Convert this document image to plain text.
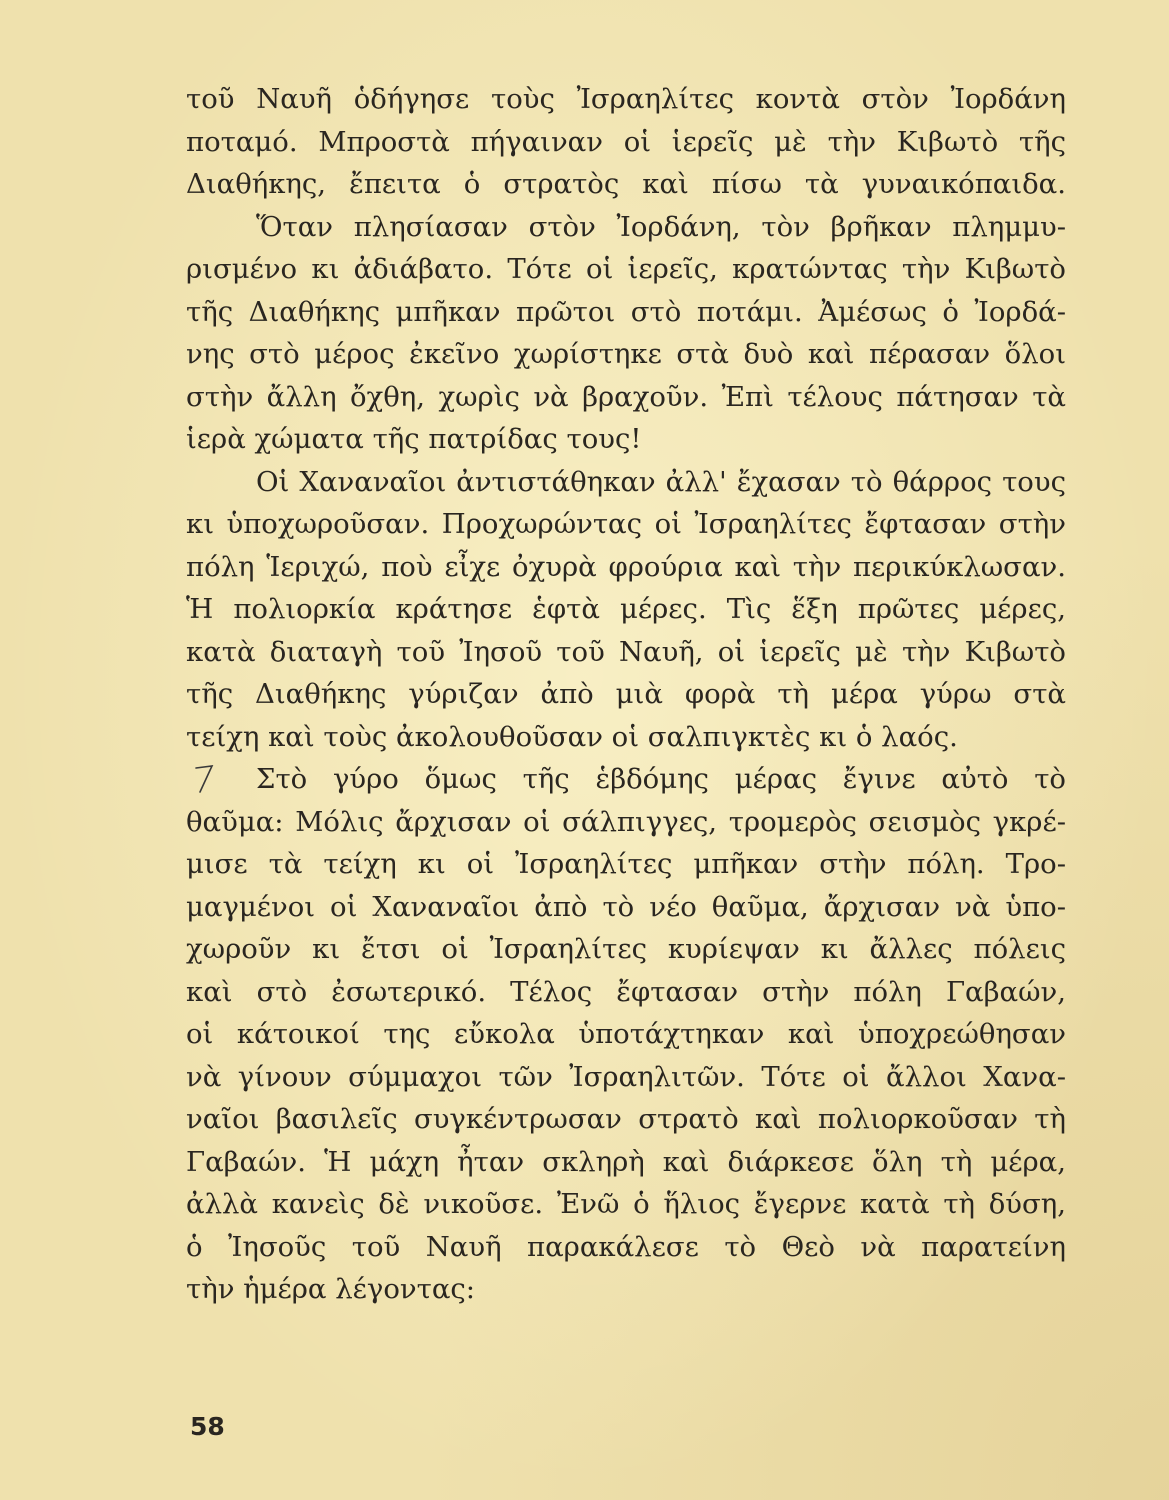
τοῦ Ναυῆ ὁδήγησε τοὺς Ἰσραηλίτες κοντὰ στὸν Ἰορδάνη
ποταμό. Μπροστὰ πήγαιναν οἱ ἱερεῖς μὲ τὴν Κιβωτὸ τῆς
Διαθήκης, ἔπειτα ὁ στρατὸς καὶ πίσω τὰ γυναικόπαιδα.
Ὅταν πλησίασαν στὸν Ἰορδάνη, τὸν βρῆκαν πλημμυ-
ρισμένο κι ἀδιάβατο. Τότε οἱ ἱερεῖς, κρατώντας τὴν Κιβωτὸ
τῆς Διαθήκης μπῆκαν πρῶτοι στὸ ποτάμι. Ἀμέσως ὁ Ἰορδά-
νης στὸ μέρος ἐκεῖνο χωρίστηκε στὰ δυὸ καὶ πέρασαν ὅλοι
στὴν ἄλλη ὄχθη, χωρὶς νὰ βραχοῦν. Ἐπὶ τέλους πάτησαν τὰ
ἱερὰ χώματα τῆς πατρίδας τους!
Οἱ Χαναναῖοι ἀντιστάθηκαν ἀλλ' ἔχασαν τὸ θάρρος τους
κι ὑποχωροῦσαν. Προχωρώντας οἱ Ἰσραηλίτες ἔφτασαν στὴν
πόλη Ἱεριχώ, ποὺ εἶχε ὀχυρὰ φρούρια καὶ τὴν περικύκλωσαν.
Ἡ πολιορκία κράτησε ἑφτὰ μέρες. Τὶς ἕξη πρῶτες μέρες,
κατὰ διαταγὴ τοῦ Ἰησοῦ τοῦ Ναυῆ, οἱ ἱερεῖς μὲ τὴν Κιβωτὸ
τῆς Διαθήκης γύριζαν ἀπὸ μιὰ φορὰ τὴ μέρα γύρω στὰ
τείχη καὶ τοὺς ἀκολουθοῦσαν οἱ σαλπιγκτὲς κι ὁ λαός.
Στὸ γύρο ὅμως τῆς ἑβδόμης μέρας ἔγινε αὐτὸ τὸ
θαῦμα: Μόλις ἄρχισαν οἱ σάλπιγγες, τρομερὸς σεισμὸς γκρέ-
μισε τὰ τείχη κι οἱ Ἰσραηλίτες μπῆκαν στὴν πόλη. Τρο-
μαγμένοι οἱ Χαναναῖοι ἀπὸ τὸ νέο θαῦμα, ἄρχισαν νὰ ὑπο-
χωροῦν κι ἔτσι οἱ Ἰσραηλίτες κυρίεψαν κι ἄλλες πόλεις
καὶ στὸ ἐσωτερικό. Τέλος ἔφτασαν στὴν πόλη Γαβαών,
οἱ κάτοικοί της εὔκολα ὑποτάχτηκαν καὶ ὑποχρεώθησαν
νὰ γίνουν σύμμαχοι τῶν Ἰσραηλιτῶν. Τότε οἱ ἄλλοι Χανα-
ναῖοι βασιλεῖς συγκέντρωσαν στρατὸ καὶ πολιορκοῦσαν τὴ
Γαβαών. Ἡ μάχη ἦταν σκληρὴ καὶ διάρκεσε ὅλη τὴ μέρα,
ἀλλὰ κανεὶς δὲ νικοῦσε. Ἐνῶ ὁ ἥλιος ἔγερνε κατὰ τὴ δύση,
ὁ Ἰησοῦς τοῦ Ναυῆ παρακάλεσε τὸ Θεὸ νὰ παρατείνη
τὴν ἡμέρα λέγοντας:
58
